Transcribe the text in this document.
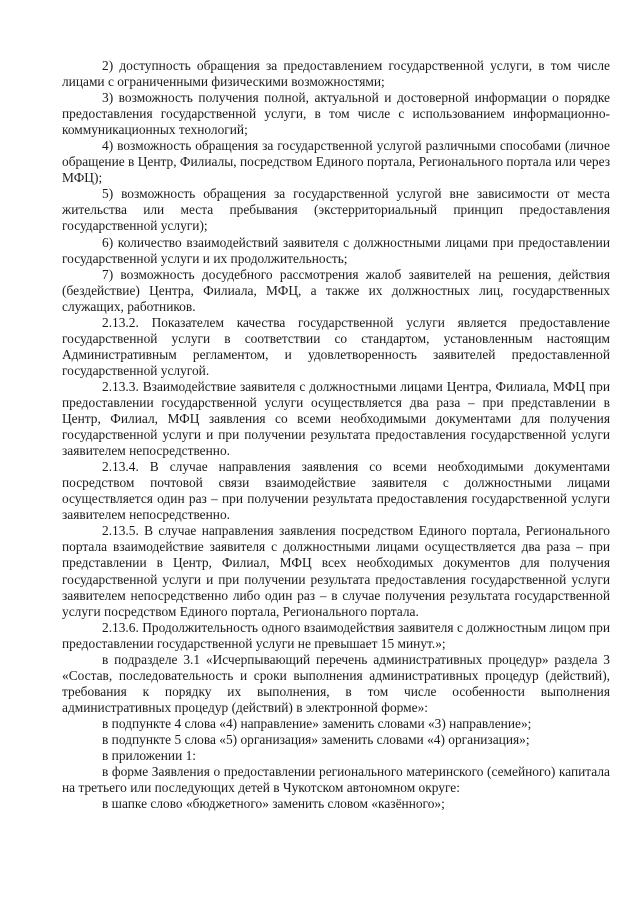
2) доступность обращения за предоставлением государственной услуги, в том числе лицами с ограниченными физическими возможностями;

3) возможность получения полной, актуальной и достоверной информации о порядке предоставления государственной услуги, в том числе с использованием информационно-коммуникационных технологий;

4) возможность обращения за государственной услугой различными способами (личное обращение в Центр, Филиалы, посредством Единого портала, Регионального портала или через МФЦ);

5) возможность обращения за государственной услугой вне зависимости от места жительства или места пребывания (экстерриториальный принцип предоставления государственной услуги);

6) количество взаимодействий заявителя с должностными лицами при предоставлении государственной услуги и их продолжительность;

7) возможность досудебного рассмотрения жалоб заявителей на решения, действия (бездействие) Центра, Филиала, МФЦ, а также их должностных лиц, государственных служащих, работников.

2.13.2. Показателем качества государственной услуги является предоставление государственной услуги в соответствии со стандартом, установленным настоящим Административным регламентом, и удовлетворенность заявителей предоставленной государственной услугой.

2.13.3. Взаимодействие заявителя с должностными лицами Центра, Филиала, МФЦ при предоставлении государственной услуги осуществляется два раза – при представлении в Центр, Филиал, МФЦ заявления со всеми необходимыми документами для получения государственной услуги и при получении результата предоставления государственной услуги заявителем непосредственно.

2.13.4. В случае направления заявления со всеми необходимыми документами посредством почтовой связи взаимодействие заявителя с должностными лицами осуществляется один раз – при получении результата предоставления государственной услуги заявителем непосредственно.

2.13.5. В случае направления заявления посредством Единого портала, Регионального портала взаимодействие заявителя с должностными лицами осуществляется два раза – при представлении в Центр, Филиал, МФЦ всех необходимых документов для получения государственной услуги и при получении результата предоставления государственной услуги заявителем непосредственно либо один раз – в случае получения результата государственной услуги посредством Единого портала, Регионального портала.

2.13.6. Продолжительность одного взаимодействия заявителя с должностным лицом при предоставлении государственной услуги не превышает 15 минут.»;

в подразделе 3.1 «Исчерпывающий перечень административных процедур» раздела 3 «Состав, последовательность и сроки выполнения административных процедур (действий), требования к порядку их выполнения, в том числе особенности выполнения административных процедур (действий) в электронной форме»:

в подпункте 4 слова «4) направление» заменить словами «3) направление»;

в подпункте 5 слова «5) организация» заменить словами «4) организация»;

в приложении 1:

в форме Заявления о предоставлении регионального материнского (семейного) капитала на третьего или последующих детей в Чукотском автономном округе:

в шапке слово «бюджетного» заменить словом «казённого»;
